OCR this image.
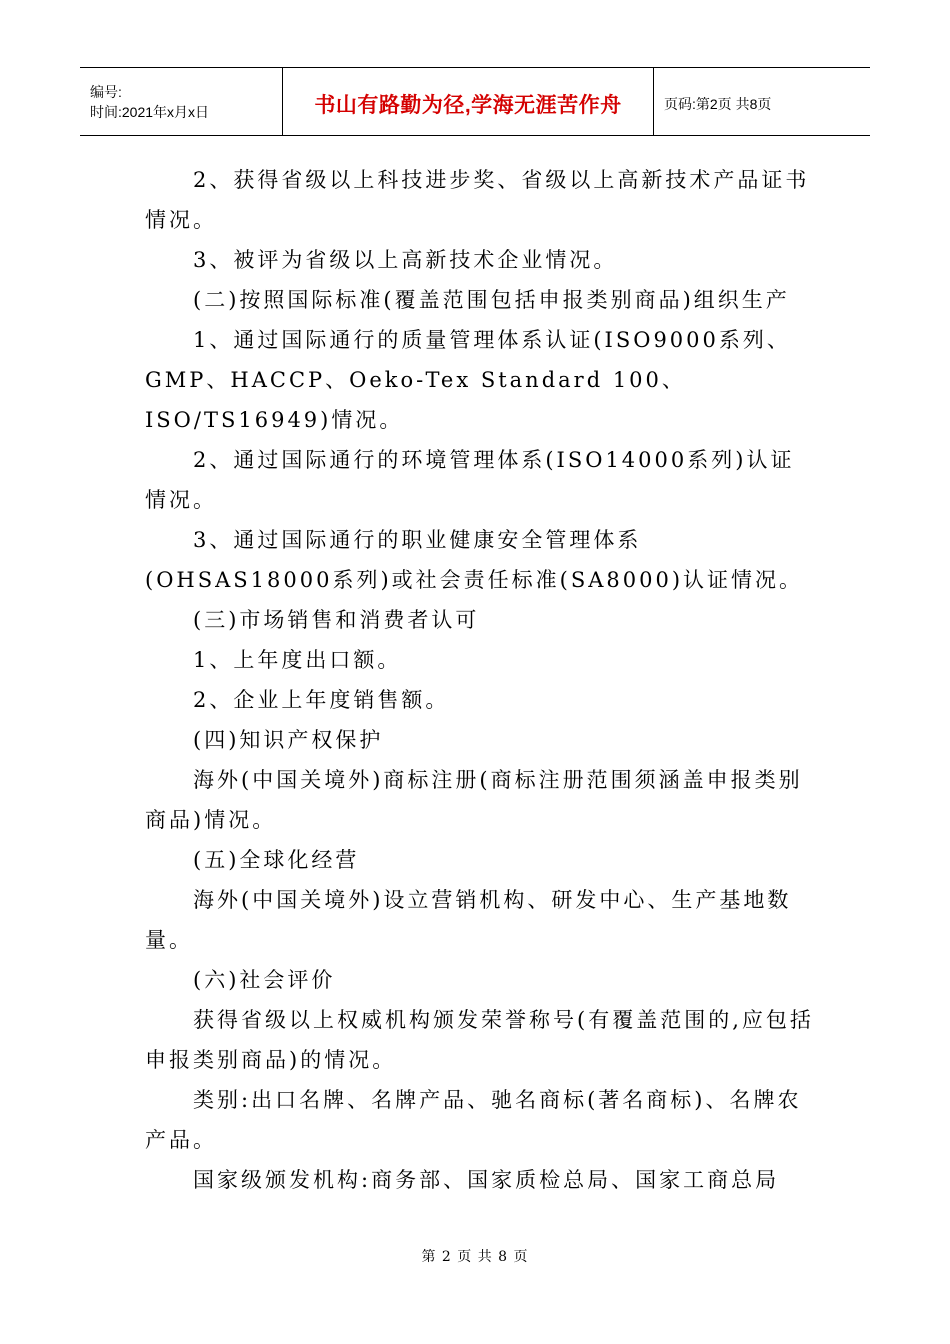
编号:
时间:2021年x月x日	书山有路勤为径,学海无涯苦作舟	页码:第2页 共8页

2、获得省级以上科技进步奖、省级以上高新技术产品证书情况。

3、被评为省级以上高新技术企业情况。

(二)按照国际标准(覆盖范围包括申报类别商品)组织生产

1、通过国际通行的质量管理体系认证(ISO9000系列、GMP、HACCP、Oeko-Tex Standard 100、ISO/TS16949)情况。

2、通过国际通行的环境管理体系(ISO14000系列)认证情况。

3、通过国际通行的职业健康安全管理体系(OHSAS18000系列)或社会责任标准(SA8000)认证情况。

(三)市场销售和消费者认可

1、上年度出口额。

2、企业上年度销售额。

(四)知识产权保护

海外(中国关境外)商标注册(商标注册范围须涵盖申报类别商品)情况。

(五)全球化经营

海外(中国关境外)设立营销机构、研发中心、生产基地数量。

(六)社会评价

获得省级以上权威机构颁发荣誉称号(有覆盖范围的,应包括申报类别商品)的情况。

类别:出口名牌、名牌产品、驰名商标(著名商标)、名牌农产品。

国家级颁发机构:商务部、国家质检总局、国家工商总局

第 2 页 共 8 页
